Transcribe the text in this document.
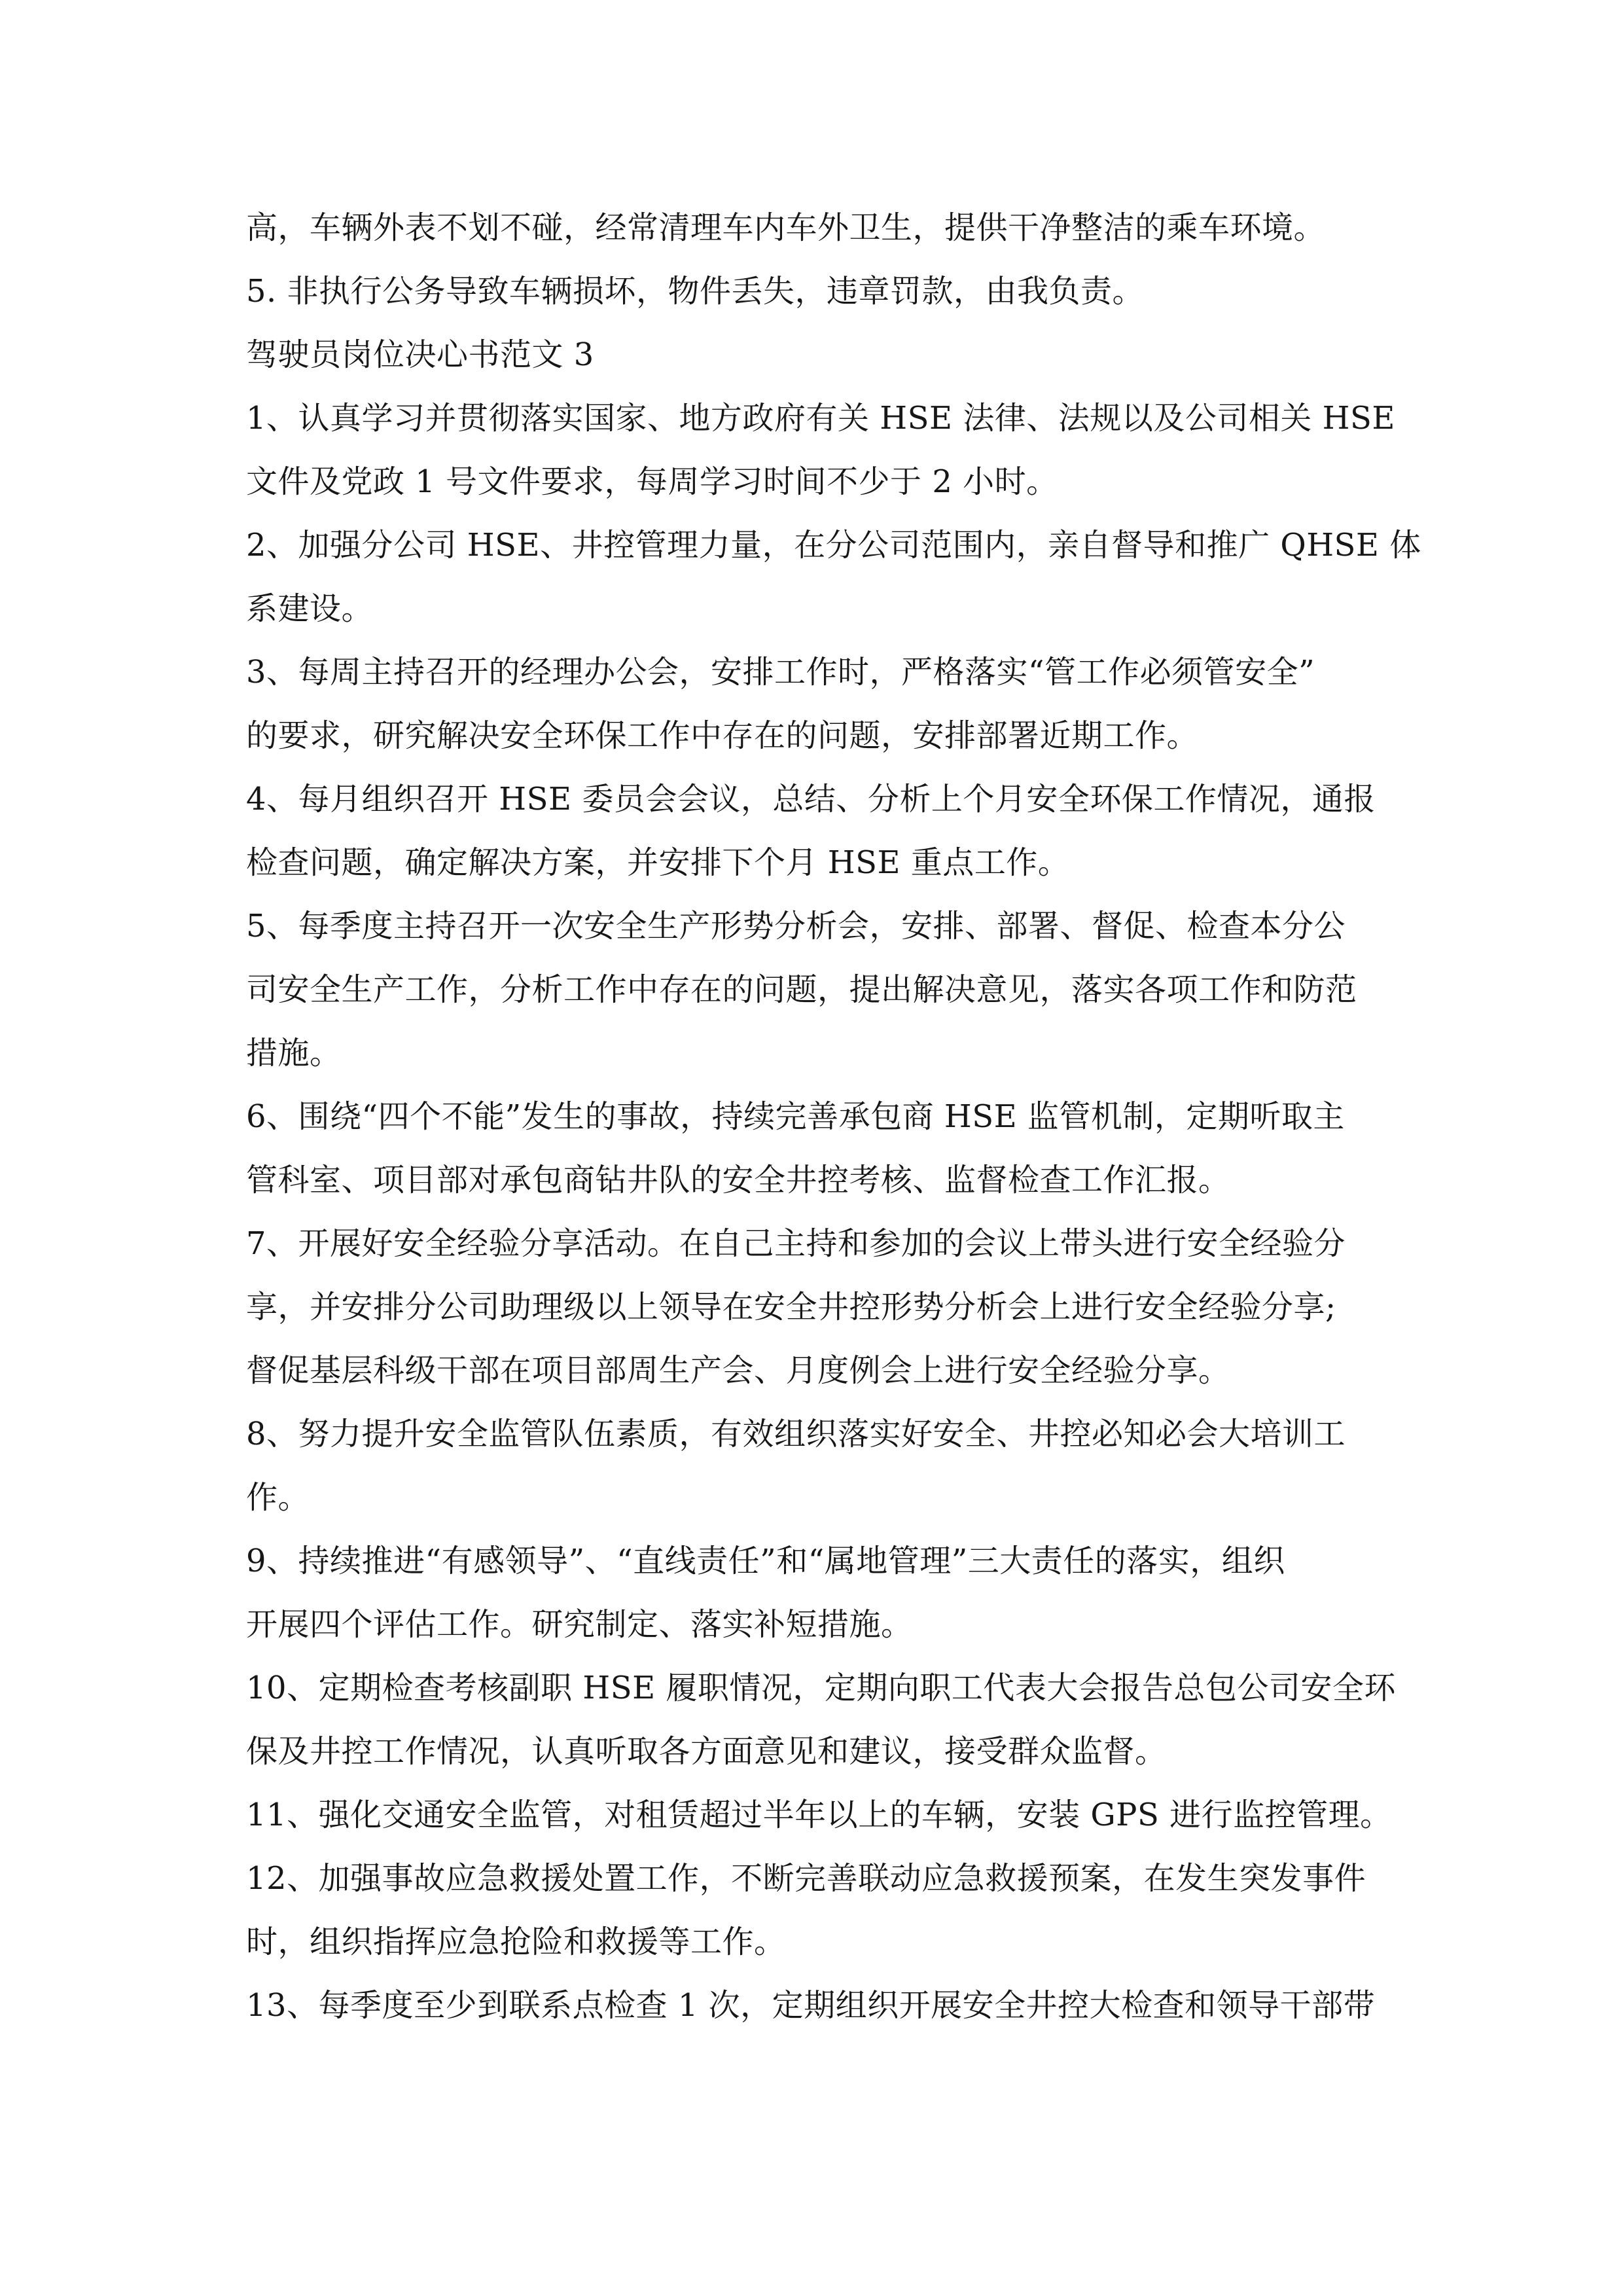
高，车辆外表不划不碰，经常清理车内车外卫生，提供干净整洁的乘车环境。
5. 非执行公务导致车辆损坏，物件丢失，违章罚款，由我负责。
驾驶员岗位决心书范文 3
1、认真学习并贯彻落实国家、地方政府有关 HSE 法律、法规以及公司相关 HSE
文件及党政 1 号文件要求，每周学习时间不少于 2 小时。
2、加强分公司 HSE、井控管理力量，在分公司范围内，亲自督导和推广 QHSE 体
系建设。
3、每周主持召开的经理办公会，安排工作时，严格落实“管工作必须管安全”
的要求，研究解决安全环保工作中存在的问题，安排部署近期工作。
4、每月组织召开 HSE 委员会会议，总结、分析上个月安全环保工作情况，通报
检查问题，确定解决方案，并安排下个月 HSE 重点工作。
5、每季度主持召开一次安全生产形势分析会，安排、部署、督促、检查本分公
司安全生产工作，分析工作中存在的问题，提出解决意见，落实各项工作和防范
措施。
6、围绕“四个不能”发生的事故，持续完善承包商 HSE 监管机制，定期听取主
管科室、项目部对承包商钻井队的安全井控考核、监督检查工作汇报。
7、开展好安全经验分享活动。在自己主持和参加的会议上带头进行安全经验分
享，并安排分公司助理级以上领导在安全井控形势分析会上进行安全经验分享;
督促基层科级干部在项目部周生产会、月度例会上进行安全经验分享。
8、努力提升安全监管队伍素质，有效组织落实好安全、井控必知必会大培训工
作。
9、持续推进“有感领导”、“直线责任”和“属地管理”三大责任的落实，组织
开展四个评估工作。研究制定、落实补短措施。
10、定期检查考核副职 HSE 履职情况，定期向职工代表大会报告总包公司安全环
保及井控工作情况，认真听取各方面意见和建议，接受群众监督。
11、强化交通安全监管，对租赁超过半年以上的车辆，安装 GPS 进行监控管理。
12、加强事故应急救援处置工作，不断完善联动应急救援预案，在发生突发事件
时，组织指挥应急抢险和救援等工作。
13、每季度至少到联系点检查 1 次，定期组织开展安全井控大检查和领导干部带
